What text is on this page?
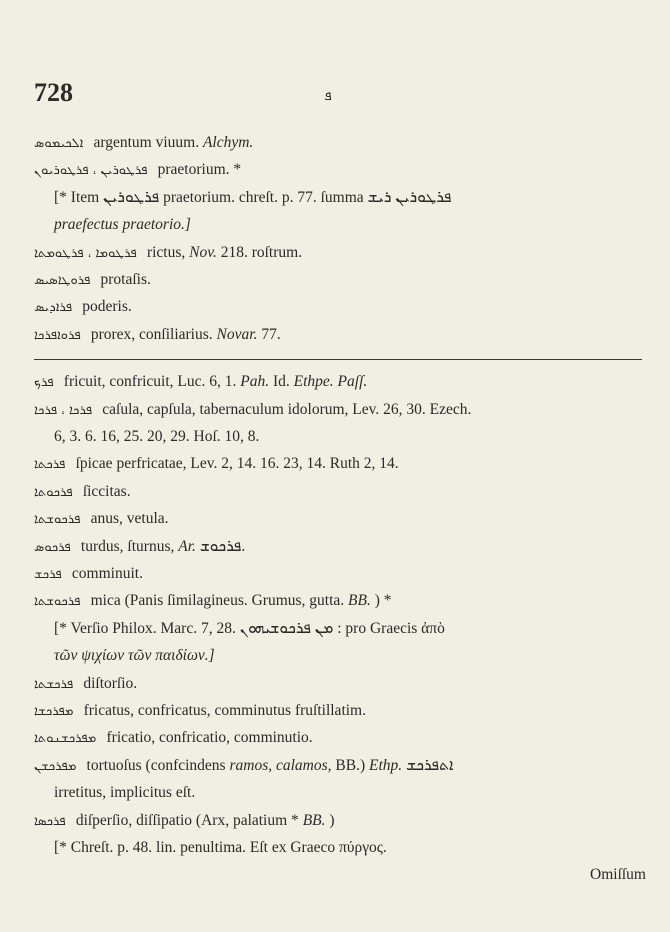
728	ܦ
ܐܠܟܝܡܘܣ argentum viuum. Alchym.
ܦܪܛܘܪܝܢ ، ܦܪܛܘܪܝܘܢ praetorium. *
[* Item ܦܪܛܘܪܝܢ praetorium. chreſt. p. 77. ſumma ܦܪܛܘܪܝܢ ܪܝܫ
praefectus praetorio.]
ܦܪܛܘܡܐ ، ܦܪܛܘܡܬܐ rictus, Nov. 218. roſtrum.
ܦܪܘܛܐܣܝܣ protaſis.
ܦܪܐܕܝܣ poderis.
ܦܪܘܐܦܪܟܐ prorex, conſiliarius. Novar. 77.
ܦܪܟ fricuit, confricuit, Luc. 6, 1. Pah. Id. Ethpe. Paſſ.
ܦܪܟܐ ، ܦܪܟܐ caſula, capſula, tabernaculum idolorum, Lev. 26, 30. Ezech.
6, 3. 6. 16, 25. 20, 29. Hoſ. 10, 8.
ܦܪܟܬܐ ſpicae perfricatae, Lev. 2, 14. 16. 23, 14. Ruth 2, 14.
ܦܪܟܘܬܐ ſiccitas.
ܦܪܟܘܫܬܐ anus, vetula.
ܦܪܟܘܣ turdus, ſturnus, Ar. ܦܪܟܘܫ.
ܦܪܟܫ comminuit.
ܦܪܟܘܫܬܐ mica (Panis ſimilagineus. Grumus, gutta. BB. ) *
[* Verſio Philox. Marc. 7, 28. ܡܢ ܦܪܟܘܫܝܗܘܢ : pro Graecis ἀπὸ
τῶν ψιχίων τῶν παιδίων.]
ܦܪܟܫܬܐ diſtorſio.
ܡܦܪܟܫܐ fricatus, confricatus, comminutus fruſtillatim.
ܡܦܪܟܫܢܘܬܐ fricatio, confricatio, comminutio.
ܡܦܪܟܫܢ tortuoſus (confcindens ramos, calamos, BB.) Ethp. ܐܬܦܪܟܫ
irretitus, implicitus eſt.
ܦܪܟܣܐ diſperſio, diſſipatio (Arx, palatium * BB. )
[* Chreſt. p. 48. lin. penultima. Eſt ex Graeco πύργος.
Omiſſum
